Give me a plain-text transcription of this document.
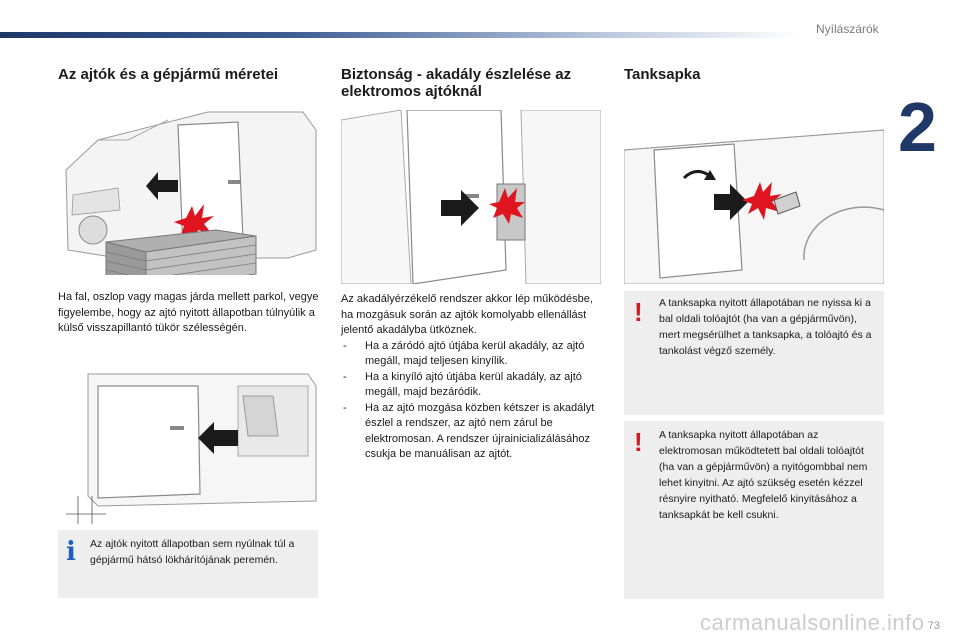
Nyílászárók
2
Az ajtók és a gépjármű méretei

Ha fal, oszlop vagy magas járda mellett parkol, vegye figyelembe, hogy az ajtó nyitott állapotban túlnyúlik a külső visszapillantó tükör szélességén.

i Az ajtók nyitott állapotban sem nyúlnak túl a gépjármű hátsó lökhárítójának peremén.
Biztonság - akadály észlelése az
elektromos ajtóknál

Az akadályérzékelő rendszer akkor lép működésbe, ha mozgásuk során az ajtók komolyabb ellenállást jelentő akadályba ütköznek.

- Ha a záródó ajtó útjába kerül akadály, az ajtó megáll, majd teljesen kinyílik.
- Ha a kinyíló ajtó útjába kerül akadály, az ajtó megáll, majd bezáródik.
- Ha az ajtó mozgása közben kétszer is akadályt észlel a rendszer, az ajtó nem zárul be elektromosan. A rendszer újrainicializálásához csukja be manuálisan az ajtót.
Tanksapka
! A tanksapka nyitott állapotában ne nyissa ki a bal oldali tolóajtót (ha van a gépjárművön), mert megsérülhet a tanksapka, a tolóajtó és a tankolást végző személy.
! A tanksapka nyitott állapotában az elektromosan működtetett bal oldali tolóajtót (ha van a gépjárművön) a nyitógombbal nem lehet kinyitni. Az ajtó szükség esetén kézzel résnyire nyitható. Megfelelő kinyitásához a tanksapkát be kell csukni.
carmanualsonline.info 73
